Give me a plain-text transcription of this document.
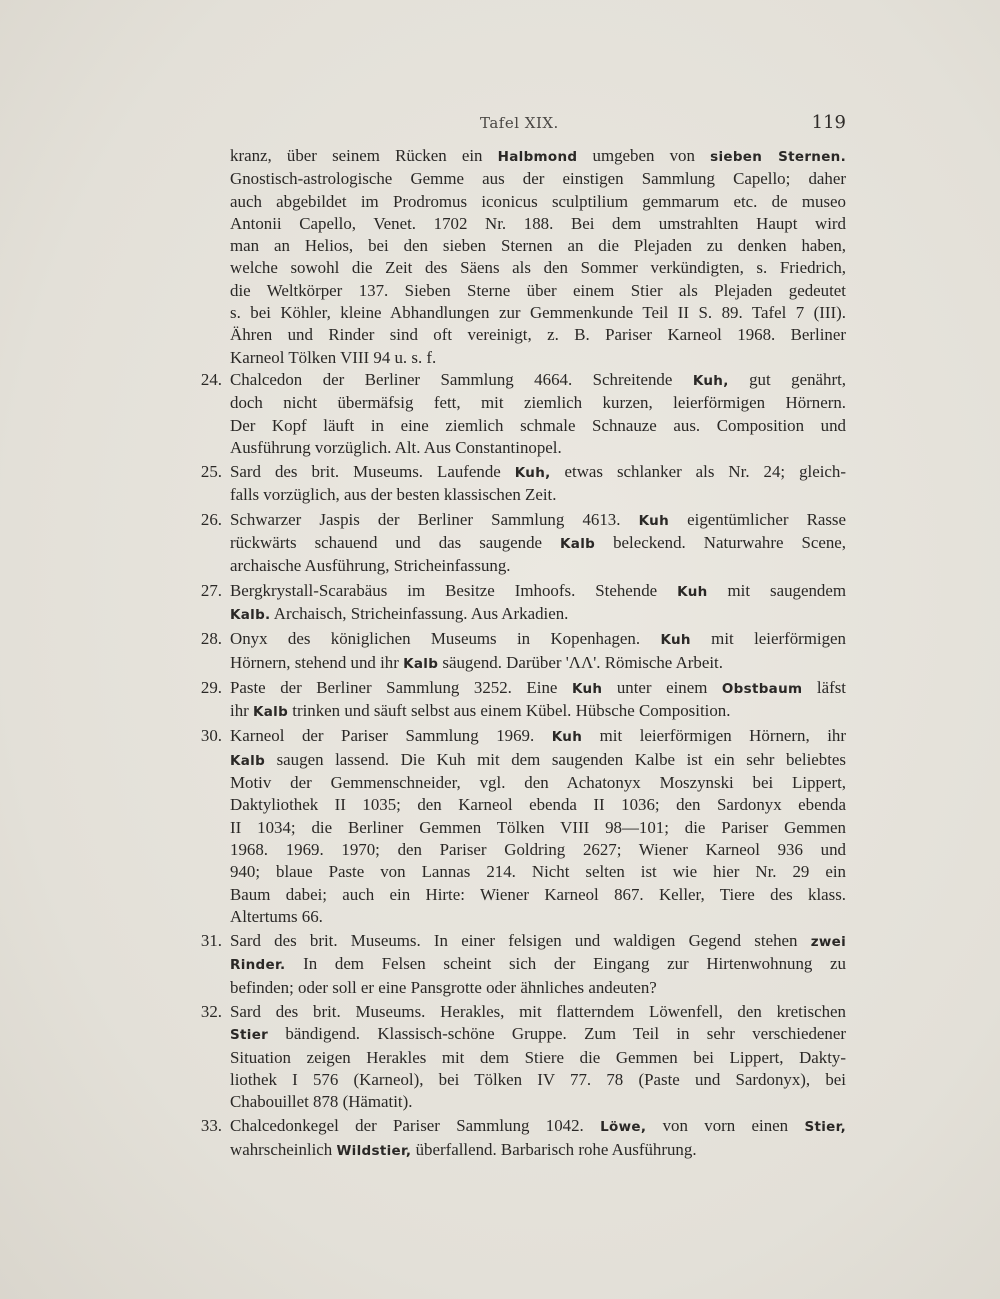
Tafel XIX.	119
kranz, über seinem Rücken ein Halbmond umgeben von sieben Sternen.
Gnostisch-astrologische Gemme aus der einstigen Sammlung Capello; daher
auch abgebildet im Prodromus iconicus sculptilium gemmarum etc. de museo
Antonii Capello, Venet. 1702 Nr. 188. Bei dem umstrahlten Haupt wird
man an Helios, bei den sieben Sternen an die Plejaden zu denken haben,
welche sowohl die Zeit des Säens als den Sommer verkündigten, s. Friedrich,
die Weltkörper 137. Sieben Sterne über einem Stier als Plejaden gedeutet
s. bei Köhler, kleine Abhandlungen zur Gemmenkunde Teil II S. 89. Tafel 7 (III).
Ähren und Rinder sind oft vereinigt, z. B. Pariser Karneol 1968. Berliner
Karneol Tölken VIII 94 u. s. f.
24. Chalcedon der Berliner Sammlung 4664. Schreitende Kuh, gut genährt,
doch nicht übermäfsig fett, mit ziemlich kurzen, leierförmigen Hörnern.
Der Kopf läuft in eine ziemlich schmale Schnauze aus. Composition und
Ausführung vorzüglich. Alt. Aus Constantinopel.
25. Sard des brit. Museums. Laufende Kuh, etwas schlanker als Nr. 24; gleich-
falls vorzüglich, aus der besten klassischen Zeit.
26. Schwarzer Jaspis der Berliner Sammlung 4613. Kuh eigentümlicher Rasse
rückwärts schauend und das saugende Kalb beleckend. Naturwahre Scene,
archaische Ausführung, Stricheinfassung.
27. Bergkrystall-Scarabäus im Besitze Imhoofs. Stehende Kuh mit saugendem
Kalb. Archaisch, Stricheinfassung. Aus Arkadien.
28. Onyx des königlichen Museums in Kopenhagen. Kuh mit leierförmigen
Hörnern, stehend und ihr Kalb säugend. Darüber 'ΛΛ'. Römische Arbeit.
29. Paste der Berliner Sammlung 3252. Eine Kuh unter einem Obstbaum läfst
ihr Kalb trinken und säuft selbst aus einem Kübel. Hübsche Composition.
30. Karneol der Pariser Sammlung 1969. Kuh mit leierförmigen Hörnern, ihr
Kalb saugen lassend. Die Kuh mit dem saugenden Kalbe ist ein sehr beliebtes
Motiv der Gemmenschneider, vgl. den Achatonyx Moszynski bei Lippert,
Daktyliothek II 1035; den Karneol ebenda II 1036; den Sardonyx ebenda
II 1034; die Berliner Gemmen Tölken VIII 98—101; die Pariser Gemmen
1968. 1969. 1970; den Pariser Goldring 2627; Wiener Karneol 936 und
940; blaue Paste von Lannas 214. Nicht selten ist wie hier Nr. 29 ein
Baum dabei; auch ein Hirte: Wiener Karneol 867. Keller, Tiere des klass.
Altertums 66.
31. Sard des brit. Museums. In einer felsigen und waldigen Gegend stehen zwei
Rinder. In dem Felsen scheint sich der Eingang zur Hirtenwohnung zu
befinden; oder soll er eine Pansgrotte oder ähnliches andeuten?
32. Sard des brit. Museums. Herakles, mit flatterndem Löwenfell, den kretischen
Stier bändigend. Klassisch-schöne Gruppe. Zum Teil in sehr verschiedener
Situation zeigen Herakles mit dem Stiere die Gemmen bei Lippert, Dakty-
liothek I 576 (Karneol), bei Tölken IV 77. 78 (Paste und Sardonyx), bei
Chabouillet 878 (Hämatit).
33. Chalcedonkegel der Pariser Sammlung 1042. Löwe, von vorn einen Stier,
wahrscheinlich Wildstier, überfallend. Barbarisch rohe Ausführung.
